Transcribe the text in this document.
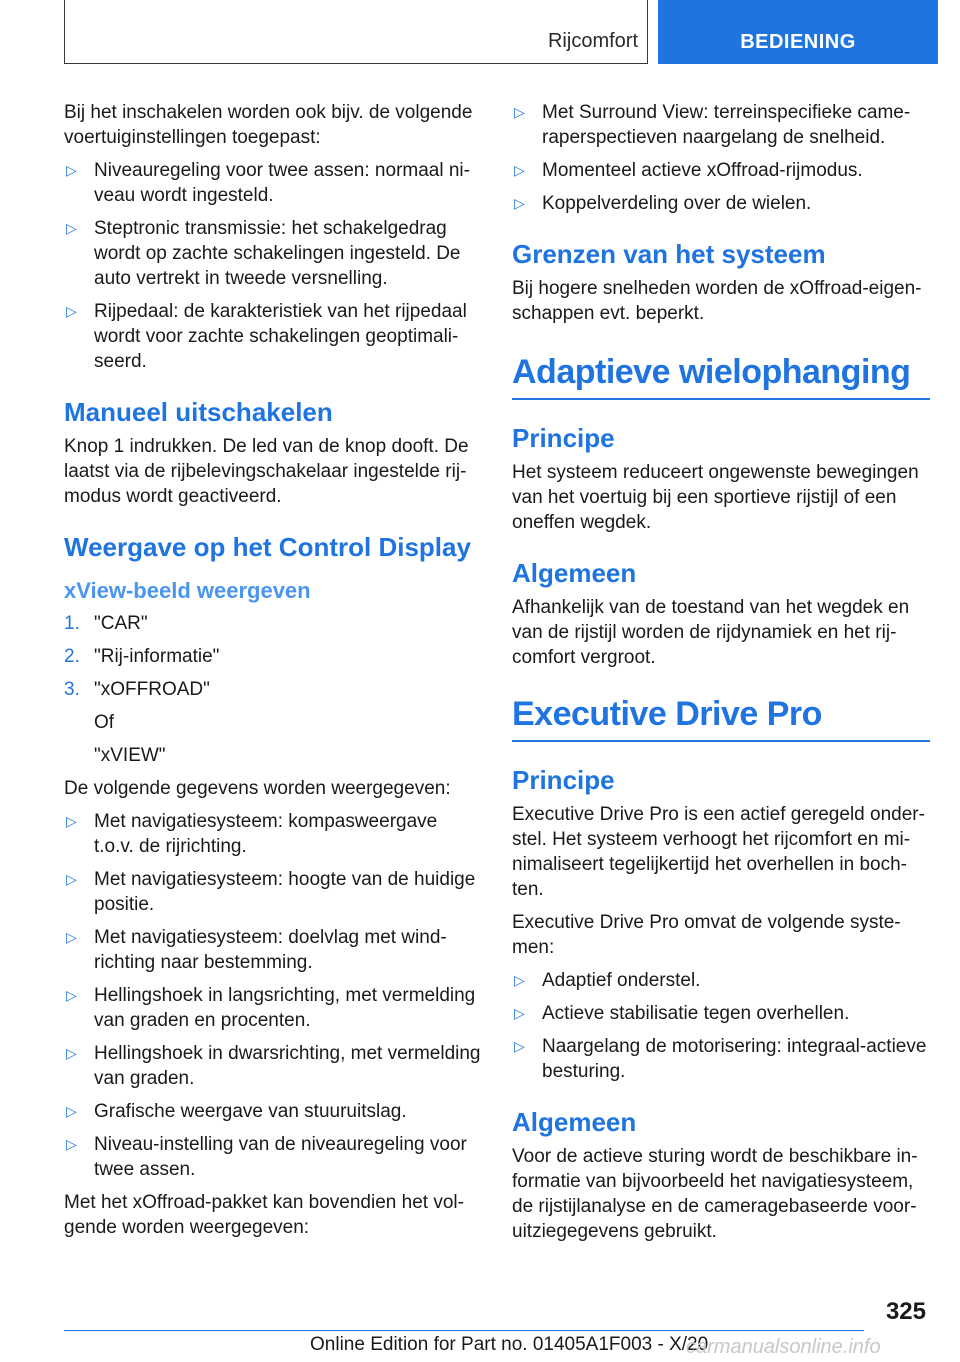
Rijcomfort	BEDIENING

Bij het inschakelen worden ook bijv. de volgende voertuiginstellingen toegepast:

▷ Niveauregeling voor twee assen: normaal niveau wordt ingesteld.
▷ Steptronic transmissie: het schakelgedrag wordt op zachte schakelingen ingesteld. De auto vertrekt in tweede versnelling.
▷ Rijpedaal: de karakteristiek van het rijpedaal wordt voor zachte schakelingen geoptimaliseerd.
Manueel uitschakelen

Knop 1 indrukken. De led van de knop dooft. De laatst via de rijbelevingschakelaar ingestelde rijmodus wordt geactiveerd.

Weergave op het Control Display
xView-beeld weergeven
1. "CAR"
2. "Rij-informatie"
3. "xOFFROAD"
Of
"xVIEW"

De volgende gegevens worden weergegeven:

▷ Met navigatiesysteem: kompasweergave t.o.v. de rijrichting.
▷ Met navigatiesysteem: hoogte van de huidige positie.
▷ Met navigatiesysteem: doelvlag met windrichting naar bestemming.
▷ Hellingshoek in langsrichting, met vermelding van graden en procenten.
▷ Hellingshoek in dwarsrichting, met vermelding van graden.
▷ Grafische weergave van stuuruitslag.
▷ Niveau-instelling van de niveauregeling voor twee assen.

Met het xOffroad-pakket kan bovendien het volgende worden weergegeven:

▷ Met Surround View: terreinspecifieke cameraperspectieven naargelang de snelheid.
▷ Momenteel actieve xOffroad-rijmodus.
▷ Koppelverdeling over de wielen.
Grenzen van het systeem

Bij hogere snelheden worden de xOffroad-eigenschappen evt. beperkt.

Adaptieve wielophanging
Principe

Het systeem reduceert ongewenste bewegingen van het voertuig bij een sportieve rijstijl of een oneffen wegdek.

Algemeen

Afhankelijk van de toestand van het wegdek en van de rijstijl worden de rijdynamiek en het rijcomfort vergroot.

Executive Drive Pro
Principe

Executive Drive Pro is een actief geregeld onderstel. Het systeem verhoogt het rijcomfort en minimaliseert tegelijkertijd het overhellen in bochten.

Executive Drive Pro omvat de volgende systemen:

▷ Adaptief onderstel.
▷ Actieve stabilisatie tegen overhellen.
▷ Naargelang de motorisering: integraal-actieve besturing.
Algemeen

Voor de actieve sturing wordt de beschikbare informatie van bijvoorbeeld het navigatiesysteem, de rijstijlanalyse en de cameragebaseerde vooruitziegegevens gebruikt.

325
Online Edition for Part no. 01405A1F003 - X/20
carmanualsonline.info
